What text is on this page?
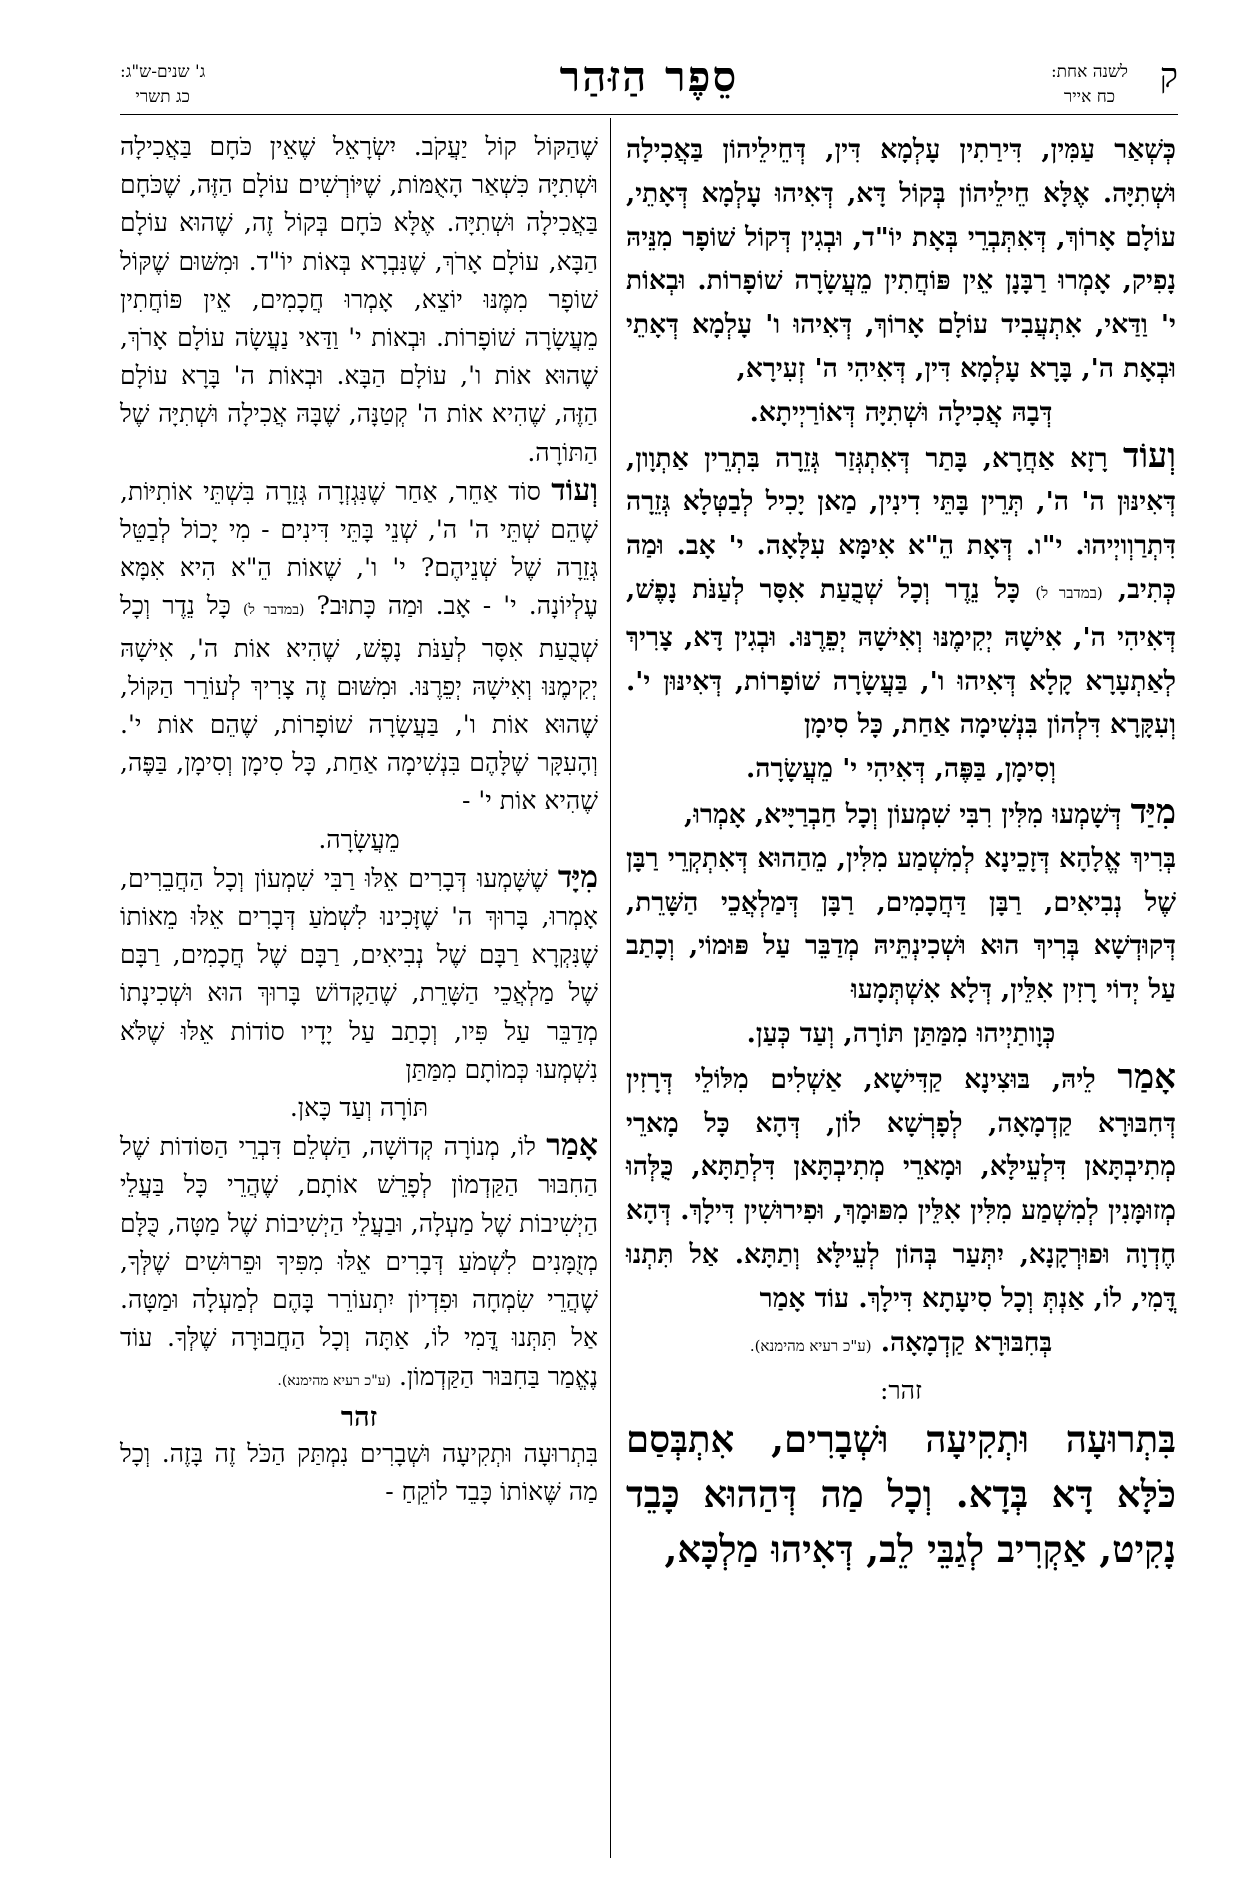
ק
לשנה אחת:
כח אייר
סֵפֶר הַזּהַר
ג' שנים-ש"ג:
כג תשרי

כְּשְׁאַר עַמִּין, דִּירַתִין עָלְמָא דִּין, דְּחֵילֵיהוֹן בַּאֲכִילָה וּשְׁתִיָּה. אֶלָּא חֵילֵיהוֹן בְּקוֹל דָּא, דְּאִיהוּ עָלְמָא דְּאָתֵי, עוֹלָם אָרוֹךְ, דְּאִתְּבְרֵי בְּאָת יוֹ"ד, וּבְגִין דְּקוֹל שׁוֹפָר מִנֵּיהּ נָפִיק, אָמְרוּ רַבָּנָן אֵין פּוֹחֲתִין מֵעֲשָׂרָה שׁוֹפָרוֹת. וּבְאוֹת י' וַדַּאי, אִתְעֲבִיד עוֹלָם אָרוֹךְ, דְּאִיהוּ ו' עָלְמָא דְּאָתֵי וּבְאָת ה', בָּרָא עָלְמָא דִּין, דְּאִיהִי ה' זְעִירָא,

דְּבָהּ אֲכִילָה וּשְׁתִיָּה דְּאוֹרַיְיתָא.

וְעוֹד רָזָא אַחֲרָא, בָּתַר דְּאִתְגְּזַר גְּזֵרָה בִּתְרֵין אַתְוָון, דְּאִינּוּן ה' ה', תְּרֵין בָּתֵּי דִינִין, מַאן יָכִיל לְבַטְּלָא גְּזֵרָה דִּתְרַוְויְיהוּ. י"ו. דְּאָת הֵ"א אִימָּא עִלָּאָה. י' אָב. וּמַה כְּתִיב, (במדבר ל) כָּל נֵדֶר וְכָל שְׁבֻעַת אִסָּר לְעַנֹּת נָפֶשׁ, דְּאִיהִי ה', אִישָׁהּ יְקִימֶנּוּ וְאִישָׁהּ יְפֵרֶנּוּ. וּבְגִין דָּא, צָרִיךְ לְאַתְעָרָא קָלָא דְּאִיהוּ ו', בַּעֲשָׂרָה שׁוֹפָרוֹת, דְּאִינּוּן י'. וְעִקָּרָא דִּלְהוֹן בִּנְשִׁימָה אַחַת, כָּל סִימָן

וְסִימָן, בַּפֶּה, דְּאִיהִי י' מֵעֲשָׂרָה.

מִיַּד דְּשָׁמְעוּ מִלִּין רִבִּי שִׁמְעוֹן וְכָל חַבְרַיָּיא, אָמְרוּ,

בְּרִיךְ אֱלָהָא דְּזָכֵינָא לְמִשְׁמַע מִלִּין, מֵהַהוּא דְּאִתְקְרֵי רַבָּן שֶׁל נְבִיאִים, רַבָּן דַּחֲכָמִים, רַבָּן דְּמַלְאֲכֵי הַשָּׁרֵת, דְּקוּדְשָׁא בְּרִיךְ הוּא וּשְׁכִינְתֵּיהּ מְדַבֵּר עַל פּוּמוֹי, וְכָתַב עַל יְדוֹי רָזִין אִלֵּין, דְּלָא אִשְׁתְּמָעוּ

כְּוָותַיְיהוּ מִמַּתַּן תּוֹרָה, וְעַד כְּעַן.

אָמַר לֵיהּ, בּוּצִינָא קַדִּישָׁא, אַשְׁלִים מִלּוֹלֵי דְּרָזִין דְּחִבּוּרָא קַדְמָאָה, לְפָרְשָׁא לוֹן, דְּהָא כָּל מָארֵי מְתִיבְתָּאן דִּלְעֵילָּא, וּמָארֵי מְתִיבְתָּאן דִּלְתַתָּא, כֻּלְּהוּ מְזוּמָּנִין לְמִשְׁמַע מִלִּין אִלֵּין מִפּוּמָךְ, וּפִירוּשִׁין דִּילָךְ. דְּהָא חֶדְוָה וּפוּרְקָנָא, יִתְּעַר בְּהוֹן לְעֵילָּא וְתַתָּא. אַל תִּתְנוּ דֳּמִי, לוֹ, אַנְתְּ וְכָל סִיעָתָא דִּילָךְ. עוֹד אָמַר

בְּחִבּוּרָא קַדְמָאָה. (ע"כ רעיא מהימנא).

זהר:

בִּתְרוּעָה וּתְקִיעָה וּשְׁבָרִים, אִתְבְּסַם כֹּלָּא דָּא בְּדָא. וְכָל מַה דְּהַהוּא כָּבֵד נָקִיט, אַקְרִיב לְגַבֵּי לֵב, דְּאִיהוּ מַלְכָּא,

שֶׁהַקּוֹל קוֹל יַעֲקֹב. יִשְׂרָאֵל שֶׁאֵין כֹּחָם בַּאֲכִילָה וּשְׁתִיָּה כִּשְׁאַר הָאֻמּוֹת, שֶׁיּוֹרְשִׁים עוֹלָם הַזֶּה, שֶׁכֹּחָם בַּאֲכִילָה וּשְׁתִיָּה. אֶלָּא כֹּחָם בְּקוֹל זֶה, שֶׁהוּא עוֹלָם הַבָּא, עוֹלָם אָרֹךְ, שֶׁנִּבְרָא בְּאוֹת יוֹ"ד. וּמִשּׁוּם שֶׁקּוֹל שׁוֹפָר מִמֶּנּוּ יוֹצֵא, אָמְרוּ חֲכָמִים, אֵין פּוֹחֲתִין מֵעֲשָׂרָה שׁוֹפָרוֹת. וּבְאוֹת י' וַדַּאי נַעֲשָׂה עוֹלָם אָרֹךְ, שֶׁהוּא אוֹת ו', עוֹלָם הַבָּא. וּבְאוֹת ה' בָּרָא עוֹלָם הַזֶּה, שֶׁהִיא אוֹת ה' קְטַנָּה, שֶׁבָּהּ אֲכִילָה וּשְׁתִיָּה שֶׁל הַתּוֹרָה.

וְעוֹד סוֹד אַחֵר, אַחַר שֶׁנִּגְזְרָה גְּזֵרָה בִּשְׁתֵּי אוֹתִיּוֹת, שֶׁהֵם שְׁתֵּי ה' ה', שְׁנֵי בָּתֵּי דִּינִים - מִי יָכוֹל לְבַטֵּל גְּזֵרָה שֶׁל שְׁנֵיהֶם? י' ו', שֶׁאוֹת הֵ"א הִיא אִמָּא עֶלְיוֹנָה. י' - אָב. וּמַה כָּתוּב? (במדבר ל) כָּל נֵדֶר וְכָל שְׁבֻעַת אִסָּר לְעַנֹּת נָפֶשׁ, שֶׁהִיא אוֹת ה', אִישָׁהּ יְקִימֶנּוּ וְאִישָׁהּ יְפֵרֶנּוּ. וּמִשּׁוּם זֶה צָרִיךְ לְעוֹרֵר הַקּוֹל, שֶׁהוּא אוֹת ו', בַּעֲשָׂרָה שׁוֹפָרוֹת, שֶׁהֵם אוֹת י'. וְהָעִקָּר שֶׁלָּהֶם בִּנְשִׁימָה אַחַת, כָּל סִימָן וְסִימָן, בַּפֶּה, שֶׁהִיא אוֹת י' -

מֵעֲשָׂרָה.

מִיָּד שֶׁשָּׁמְעוּ דְּבָרִים אֵלּוּ רַבִּי שִׁמְעוֹן וְכָל הַחֲבֵרִים, אָמְרוּ, בָּרוּךְ ה' שֶׁזָּכִינוּ לִשְׁמֹעַ דְּבָרִים אֵלּוּ מֵאוֹתוֹ שֶׁנִּקְרָא רַבָּם שֶׁל נְבִיאִים, רַבָּם שֶׁל חֲכָמִים, רַבָּם שֶׁל מַלְאֲכֵי הַשָּׁרֵת, שֶׁהַקָּדוֹשׁ בָּרוּךְ הוּא וּשְׁכִינָתוֹ מְדַבֵּר עַל פִּיו, וְכָתַב עַל יָדָיו סוֹדוֹת אֵלּוּ שֶׁלֹּא נִשְׁמְעוּ כְּמוֹתָם מִמַּתַּן

תּוֹרָה וְעַד כָּאן.

אָמַר לוֹ, מְנוֹרָה קְדוֹשָׁה, הַשְׁלֵם דִּבְרֵי הַסּוֹדוֹת שֶׁל הַחִבּוּר הַקַּדְמוֹן לְפָרֵשׁ אוֹתָם, שֶׁהֲרֵי כָּל בַּעֲלֵי הַיְשִׁיבוֹת שֶׁל מַעְלָה, וּבַעֲלֵי הַיְשִׁיבוֹת שֶׁל מַטָּה, כֻּלָּם מְזֻמָּנִים לִשְׁמֹעַ דְּבָרִים אֵלּוּ מִפִּיךָ וּפֵרוּשִׁים שֶׁלְּךָ, שֶׁהֲרֵי שִׂמְחָה וּפִדְיוֹן יִתְעוֹרֵר בָּהֶם לְמַעְלָה וּמַטָּה. אַל תִּתְּנוּ דֳּמִי לוֹ, אַתָּה וְכָל הַחֲבוּרָה שֶׁלְּךָ. עוֹד נֶאֱמַר בַּחִבּוּר הַקַּדְמוֹן. (ע"כ רעיא מהימנא).

זהר

בִּתְרוּעָה וּתְקִיעָה וּשְׁבָרִים נִמְתַּק הַכֹּל זֶה בָּזֶה. וְכָל מַה שֶּׁאוֹתוֹ כָּבֵד לוֹקֵחַ -
